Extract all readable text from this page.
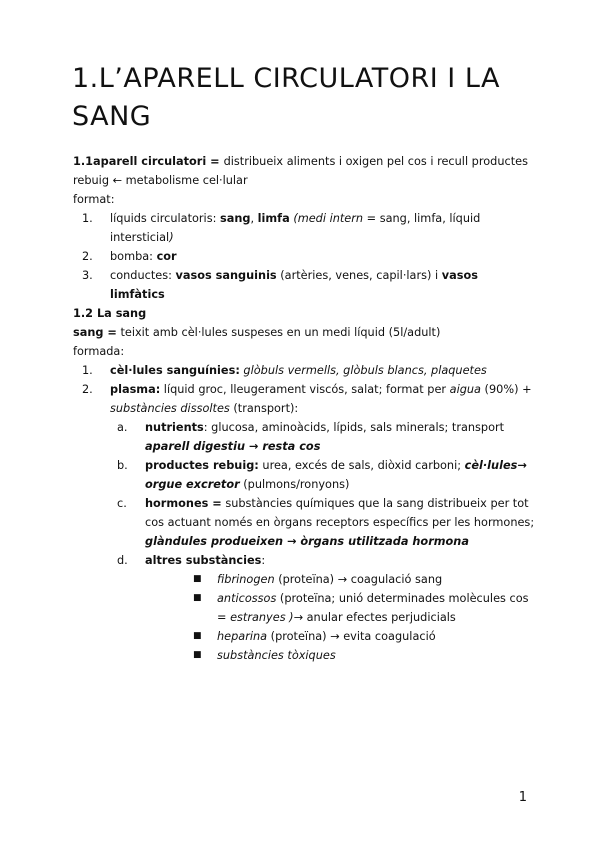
1.L’APARELL CIRCULATORI I LA SANG

1.1aparell circulatori = distribueix aliments i oxigen pel cos i recull productes rebuig ← metabolisme cel·lular

format:

1. líquids circulatoris: sang, limfa (medi intern = sang, limfa, líquid intersticial)

2. bomba: cor

3. conductes: vasos sanguinis (artèries, venes, capil·lars) i vasos limfàtics

1.2 La sang

sang = teixit amb cèl·lules suspeses en un medi líquid (5l/adult)

formada:

1. cèl·lules sanguínies: glòbuls vermells, glòbuls blancs, plaquetes

2. plasma: líquid groc, lleugerament viscós, salat; format per aigua (90%) + substàncies dissoltes (transport):

a. nutrients: glucosa, aminoàcids, lípids, sals minerals; transport aparell digestiu → resta cos

b. productes rebuig: urea, excés de sals, diòxid carboni; cèl·lules→ orgue excretor (pulmons/ronyons)

c. hormones = substàncies químiques que la sang distribueix per tot cos actuant només en òrgans receptors específics per les hormones; glàndules produeixen → òrgans utilitzada hormona

d. altres substàncies:

■ fibrinogen (proteïna) → coagulació sang

■ anticossos (proteïna; unió determinades molècules cos = estranyes )→ anular efectes perjudicials

■ heparina (proteïna) → evita coagulació

■ substàncies tòxiques

1
